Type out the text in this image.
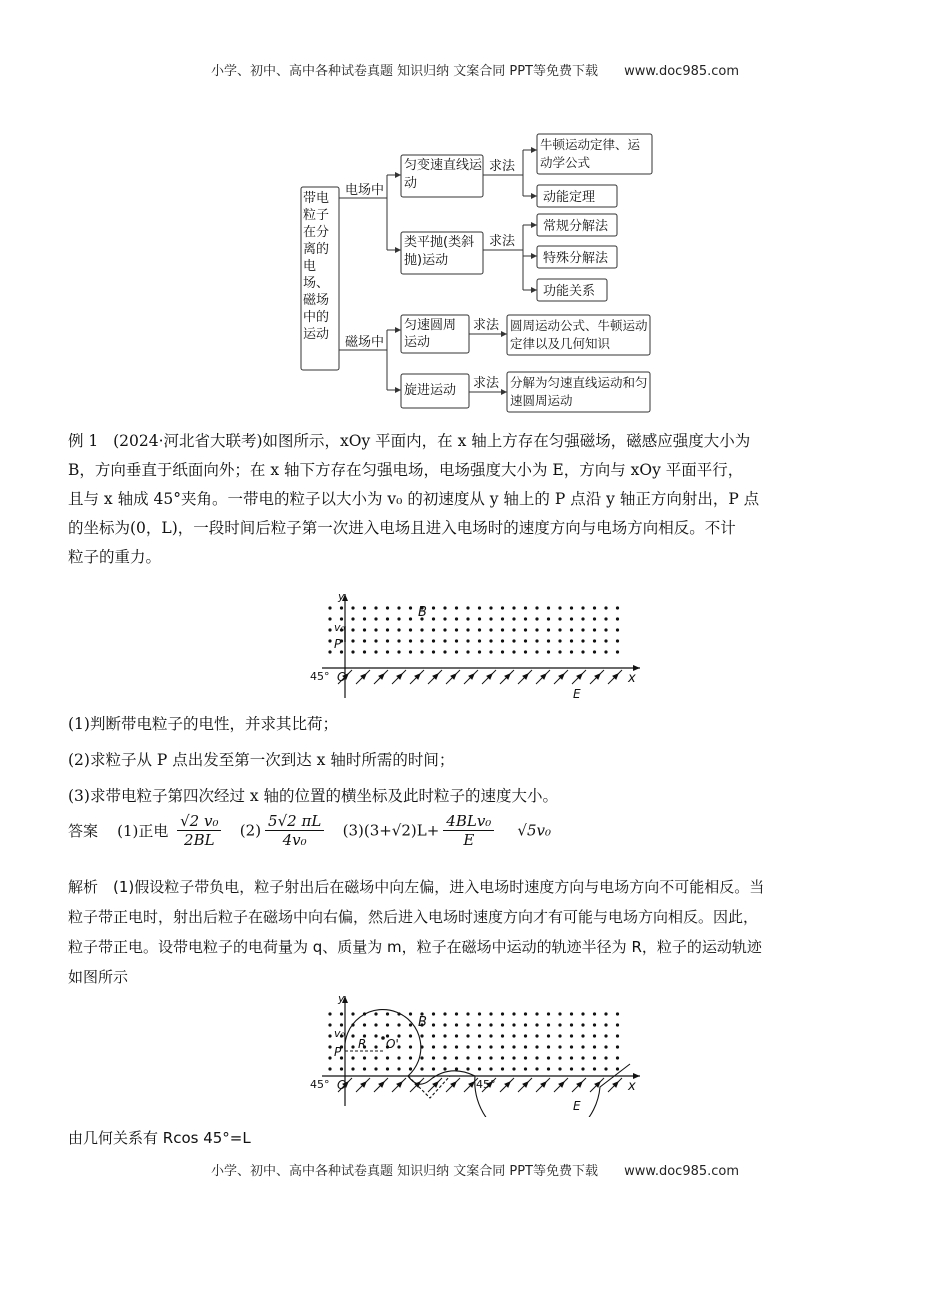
小学、初中、高中各种试卷真题 知识归纳 文案合同 PPT等免费下载 www.doc985.com
带电粒子在分离的电场、磁场中的运动
电场中
磁场中
匀变速直线运动
类平抛(类斜抛)运动
匀速圆周运动
旋进运动
求法
求法
求法
求法
牛顿运动定律、运动学公式
动能定理
常规分解法
特殊分解法
功能关系
圆周运动公式、牛顿运动定律以及几何知识
分解为匀速直线运动和匀速圆周运动

例 1 (2024·河北省大联考)如图所示，xOy 平面内，在 x 轴上方存在匀强磁场，磁感应强度大小为

B，方向垂直于纸面向外；在 x 轴下方存在匀强电场，电场强度大小为 E，方向与 xOy 平面平行，

且与 x 轴成 45°夹角。一带电的粒子以大小为 v₀ 的初速度从 y 轴上的 P 点沿 y 轴正方向射出，P 点

的坐标为(0，L)，一段时间后粒子第一次进入电场且进入电场时的速度方向与电场方向相反。不计

粒子的重力。

y
x
B
v₀
P
O
45°
E
(1)判断带电粒子的电性，并求其比荷；
(2)求粒子从 P 点出发至第一次到达 x 轴时所需的时间；
(3)求带电粒子第四次经过 x 轴的位置的横坐标及此时粒子的速度大小。
答案 (1)正电 $\frac{\text{√2 v₀}}{2BL} (2) \frac{5√2 \pi L}{\text{4v₀}} (3)(3+√2)L+ \frac{\text{4BLv₀}}{E} √5v_0$
解析　(1)假设粒子带负电，粒子射出后在磁场中向左偏，进入电场时速度方向与电场方向不可能相反。当
粒子带正电时，射出后粒子在磁场中向右偏，然后进入电场时速度方向才有可能与电场方向相反。因此，
粒子带正电。设带电粒子的电荷量为 q、质量为 m，粒子在磁场中运动的轨迹半径为 R，粒子的运动轨迹
如图所示
y
x
B
v₀
P
O
R O'
45°	45°
E
由几何关系有 Rcos 45°=L
小学、初中、高中各种试卷真题 知识归纳 文案合同 PPT等免费下载 www.doc985.com
